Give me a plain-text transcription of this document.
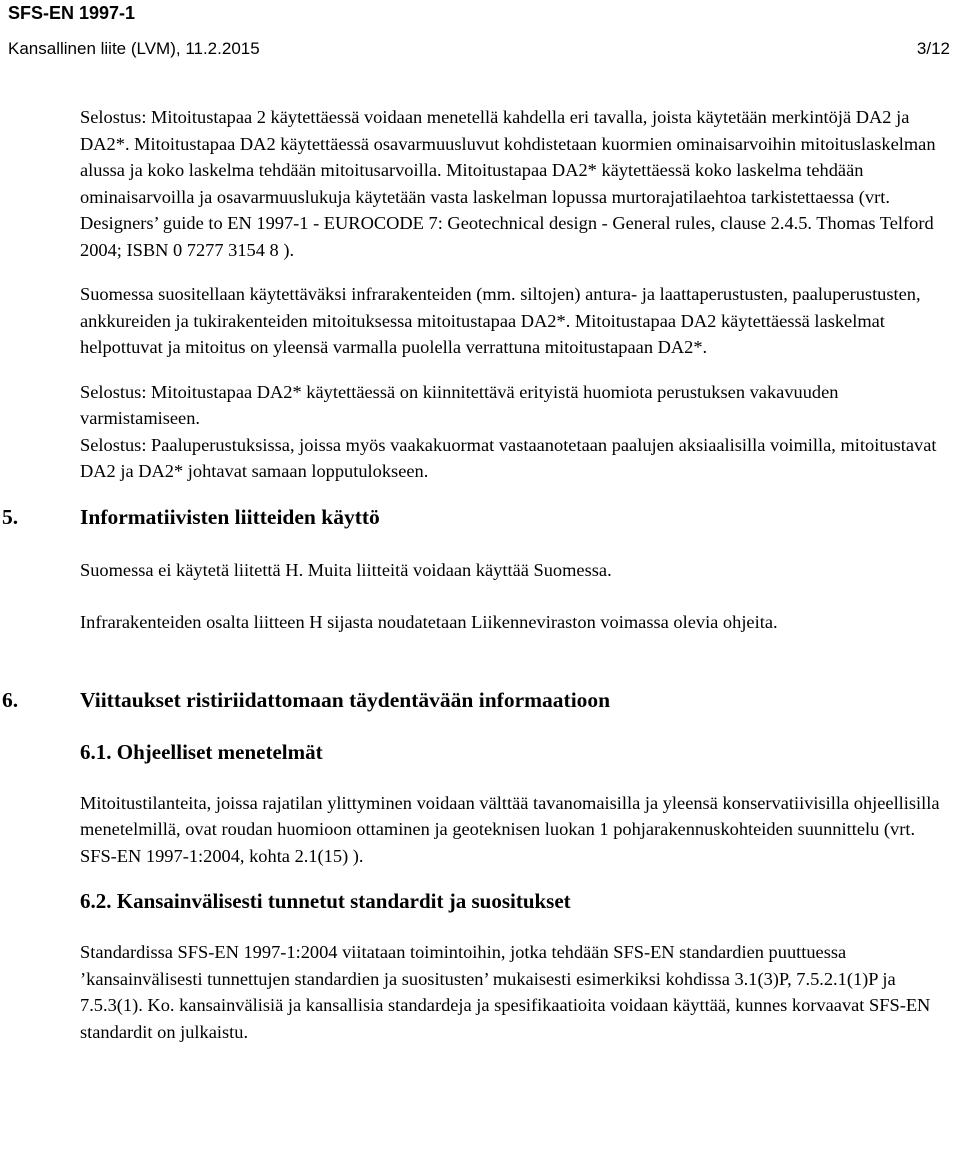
SFS-EN 1997-1
Kansallinen liite (LVM), 11.2.2015	3/12

Selostus: Mitoitustapaa 2 käytettäessä voidaan menetellä kahdella eri tavalla, joista käytetään merkintöjä DA2 ja DA2*. Mitoitustapaa DA2 käytettäessä osavarmuusluvut kohdistetaan kuormien ominaisarvoihin mitoituslaskelman alussa ja koko laskelma tehdään mitoitusarvoilla. Mitoitustapaa DA2* käytettäessä koko laskelma tehdään ominaisarvoilla ja osavarmuuslukuja käytetään vasta laskelman lopussa murtorajatilaehtoa tarkistettaessa (vrt. Designers’ guide to EN 1997-1 - EUROCODE 7: Geotechnical design - General rules, clause 2.4.5. Thomas Telford 2004; ISBN 0 7277 3154 8 ).

Suomessa suositellaan käytettäväksi infrarakenteiden (mm. siltojen) antura- ja laattaperustusten, paaluperustusten, ankkureiden ja tukirakenteiden mitoituksessa mitoitustapaa DA2*. Mitoitustapaa DA2 käytettäessä laskelmat helpottuvat ja mitoitus on yleensä varmalla puolella verrattuna mitoitustapaan DA2*.

Selostus: Mitoitustapaa DA2* käytettäessä on kiinnitettävä erityistä huomiota perustuksen vakavuuden varmistamiseen.

Selostus: Paaluperustuksissa, joissa myös vaakakuormat vastaanotetaan paalujen aksiaalisilla voimilla, mitoitustavat DA2 ja DA2* johtavat samaan lopputulokseen.

5.	Informatiivisten liitteiden käyttö

Suomessa ei käytetä liitettä H. Muita liitteitä voidaan käyttää Suomessa.

Infrarakenteiden osalta liitteen H sijasta noudatetaan Liikenneviraston voimassa olevia ohjeita.

6.	Viittaukset ristiriidattomaan täydentävään informaatioon
6.1. Ohjeelliset menetelmät

Mitoitustilanteita, joissa rajatilan ylittyminen voidaan välttää tavanomaisilla ja yleensä konservatiivisilla ohjeellisilla menetelmillä, ovat roudan huomioon ottaminen ja geoteknisen luokan 1 pohjarakennuskohteiden suunnittelu (vrt. SFS-EN 1997-1:2004, kohta 2.1(15) ).

6.2. Kansainvälisesti tunnetut standardit ja suositukset

Standardissa SFS-EN 1997-1:2004 viitataan toimintoihin, jotka tehdään SFS-EN standardien puuttuessa ’kansainvälisesti tunnettujen standardien ja suositusten’ mukaisesti esimerkiksi kohdissa 3.1(3)P, 7.5.2.1(1)P ja 7.5.3(1). Ko. kansainvälisiä ja kansallisia standardeja ja spesifikaatioita voidaan käyttää, kunnes korvaavat SFS-EN standardit on julkaistu.
